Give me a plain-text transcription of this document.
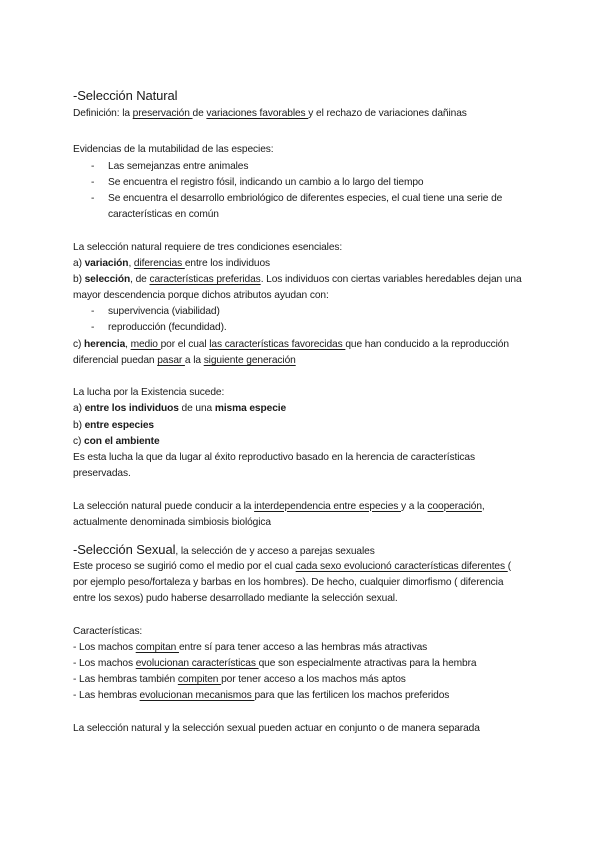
-Selección Natural
Definición: la preservación de variaciones favorables y el rechazo de variaciones dañinas
Evidencias de la mutabilidad de las especies:
- Las semejanzas entre animales
- Se encuentra el registro fósil, indicando un cambio a lo largo del tiempo
- Se encuentra el desarrollo embriológico de diferentes especies, el cual tiene una serie de
características en común
La selección natural requiere de tres condiciones esenciales:
a) variación, diferencias entre los individuos
b) selección, de características preferidas. Los individuos con ciertas variables heredables dejan una
mayor descendencia porque dichos atributos ayudan con:
- supervivencia (viabilidad)
- reproducción (fecundidad).
c) herencia, medio por el cual las características favorecidas que han conducido a la reproducción
diferencial puedan pasar a la siguiente generación
La lucha por la Existencia sucede:
a) entre los individuos de una misma especie
b) entre especies
c) con el ambiente
Es esta lucha la que da lugar al éxito reproductivo basado en la herencia de características
preservadas.
La selección natural puede conducir a la interdependencia entre especies y a la cooperación,
actualmente denominada simbiosis biológica
-Selección Sexual, la selección de y acceso a parejas sexuales
Este proceso se sugirió como el medio por el cual cada sexo evolucionó características diferentes (
por ejemplo peso/fortaleza y barbas en los hombres). De hecho, cualquier dimorfismo ( diferencia
entre los sexos) pudo haberse desarrollado mediante la selección sexual.
Características:
- Los machos compitan entre sí para tener acceso a las hembras más atractivas
- Los machos evolucionan características que son especialmente atractivas para la hembra
- Las hembras también compiten por tener acceso a los machos más aptos
- Las hembras evolucionan mecanismos para que las fertilicen los machos preferidos
La selección natural y la selección sexual pueden actuar en conjunto o de manera separada
